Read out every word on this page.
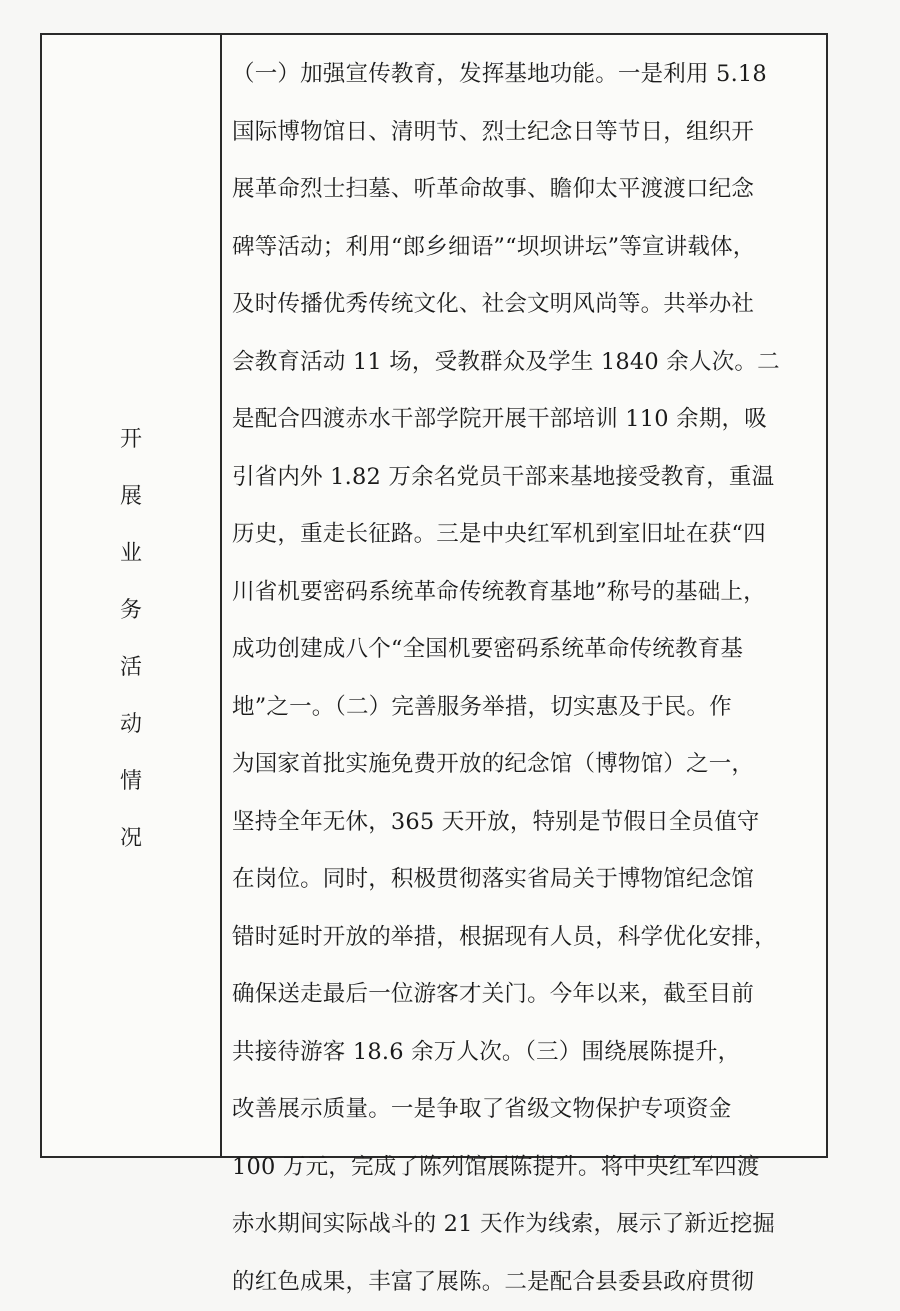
开
展
业
务
活
动
情
况
（一）加强宣传教育，发挥基地功能。一是利用 5.18
国际博物馆日、清明节、烈士纪念日等节日，组织开
展革命烈士扫墓、听革命故事、瞻仰太平渡渡口纪念
碑等活动；利用“郎乡细语”“坝坝讲坛”等宣讲载体，
及时传播优秀传统文化、社会文明风尚等。共举办社
会教育活动 11 场，受教群众及学生 1840 余人次。二
是配合四渡赤水干部学院开展干部培训 110 余期，吸
引省内外 1.82 万余名党员干部来基地接受教育，重温
历史，重走长征路。三是中央红军机到室旧址在获“四
川省机要密码系统革命传统教育基地”称号的基础上，
成功创建成八个“全国机要密码系统革命传统教育基
地”之一。（二）完善服务举措，切实惠及于民。作
为国家首批实施免费开放的纪念馆（博物馆）之一，
坚持全年无休，365 天开放，特别是节假日全员值守
在岗位。同时，积极贯彻落实省局关于博物馆纪念馆
错时延时开放的举措，根据现有人员，科学优化安排，
确保送走最后一位游客才关门。今年以来，截至目前
共接待游客 18.6 余万人次。（三）围绕展陈提升，
改善展示质量。一是争取了省级文物保护专项资金
100 万元，完成了陈列馆展陈提升。将中央红军四渡
赤水期间实际战斗的 21 天作为线索，展示了新近挖掘
的红色成果，丰富了展陈。二是配合县委县政府贯彻
